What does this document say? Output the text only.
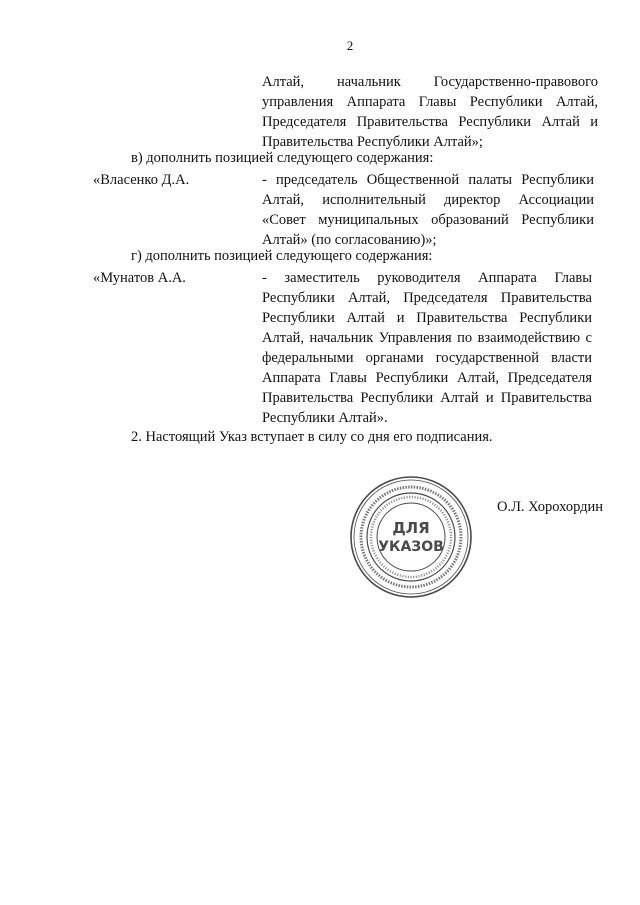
2
Алтай, начальник Государственно-правового управления Аппарата Главы Республики Алтай, Председателя Правительства Республики Алтай и Правительства Республики Алтай»;
в) дополнить позицией следующего содержания:
«Власенко Д.А.	- председатель Общественной палаты Республики Алтай, исполнительный директор Ассоциации «Совет муниципальных образований Республики Алтай» (по согласованию)»;
г) дополнить позицией следующего содержания:
«Мунатов А.А.	- заместитель руководителя Аппарата Главы Республики Алтай, Председателя Правительства Республики Алтай и Правительства Республики Алтай, начальник Управления по взаимодействию с федеральными органами государственной власти Аппарата Главы Республики Алтай, Председателя Правительства Республики Алтай и Правительства Республики Алтай».
2. Настоящий Указ вступает в силу со дня его подписания.
ДЛЯ
УКАЗОВ
О.Л. Хорохордин
